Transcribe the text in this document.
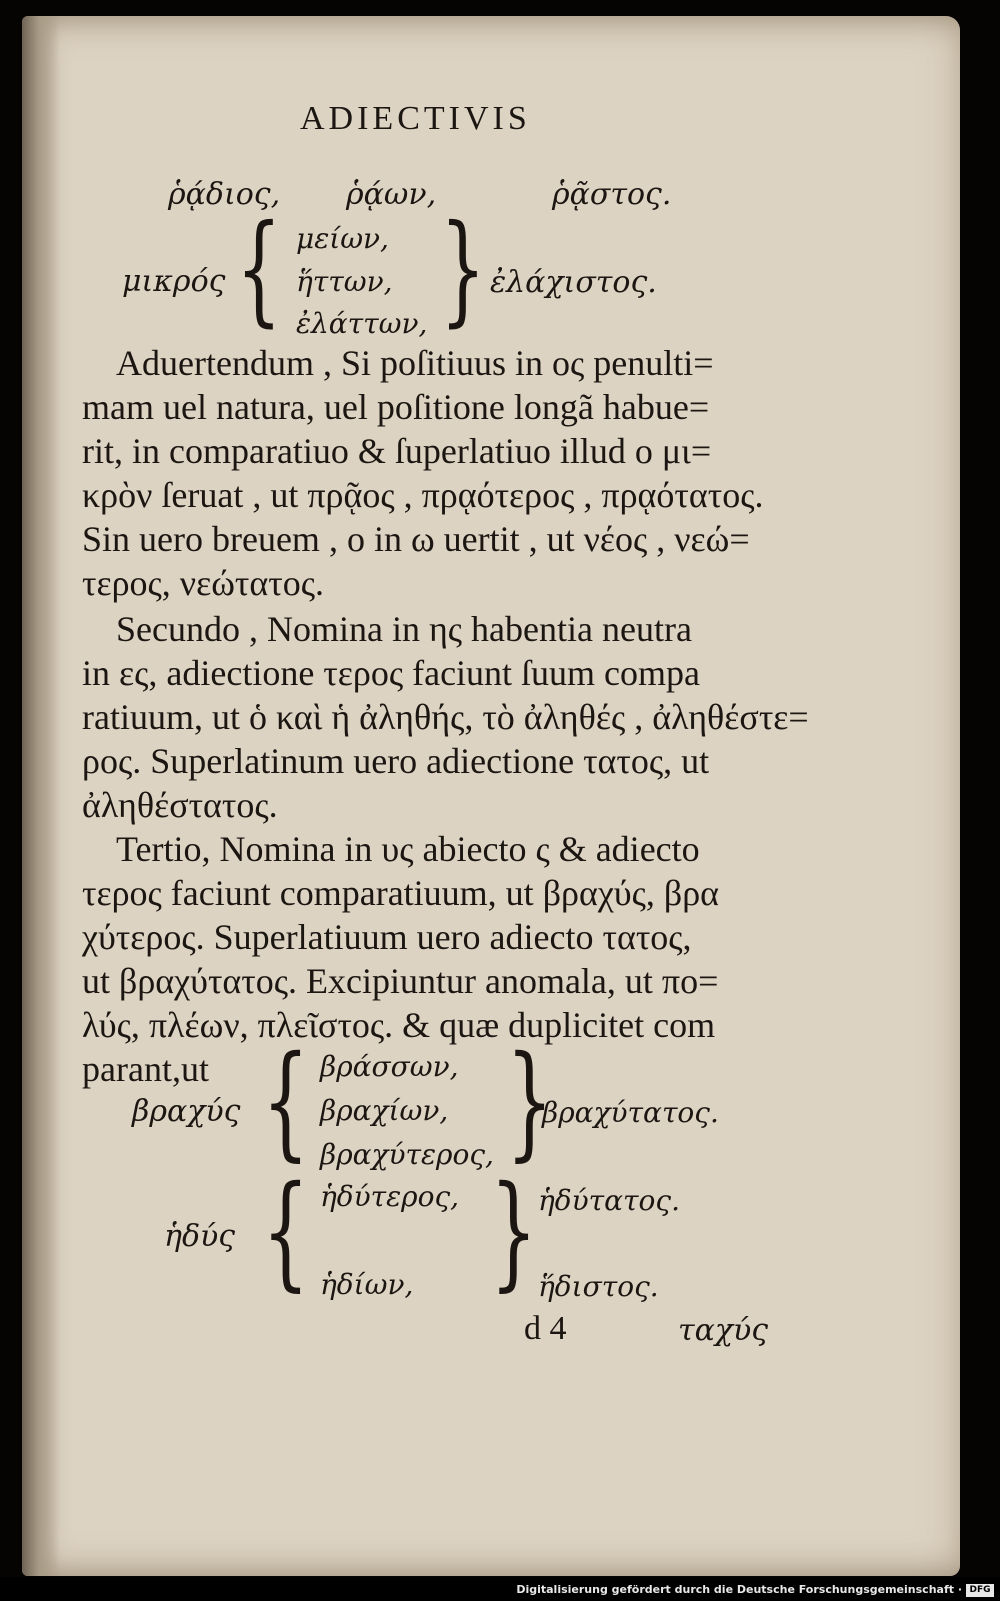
ADIECTIVIS
ῥᾴδιος, ῥᾴων,	ῥᾷστος.
μικρός { μείων,
ἥττων,
ἐλάττων, } ἐλάχιστος.
Aduertendum , Si poſitiuus in ος penulti=
mam uel natura, uel poſitione longã habue=
rit, in comparatiuo & ſuperlatiuo illud ο μι=
κρὸν ſeruat , ut πρᾷος , πρᾳότερος , πρᾳότατος.
Sin uero breuem , ο in ω uertit , ut νέος , νεώ=
τερος, νεώτατος.
Secundo , Nomina in ης habentia neutra
in ες, adiectione τερος faciunt ſuum compa
ratiuum, ut ὁ καὶ ἡ ἀληθής, τὸ ἀληθές , ἀληθέστε=
ρος. Superlatinum uero adiectione τατος, ut
ἀληθέστατος.
Tertio, Nomina in υς abiecto ς & adiecto
τερος faciunt comparatiuum, ut βραχύς, βρα
χύτερος. Superlatiuum uero adiecto τατος,
ut βραχύτατος. Excipiuntur anomala, ut πο=
λύς, πλέων, πλεῖστος. & quæ duplicitet com
parant,ut
βραχύς { βράσσων,
βραχίων,
βραχύτερος, }
βραχύτατος.
ἡδύς { ἡδύτερος,
ἡδίων, } ἡδύτατος.
ἥδιστος.
d 4	ταχύς
Digitalisierung gefördert durch die Deutsche Forschungsgemeinschaft · DFG
